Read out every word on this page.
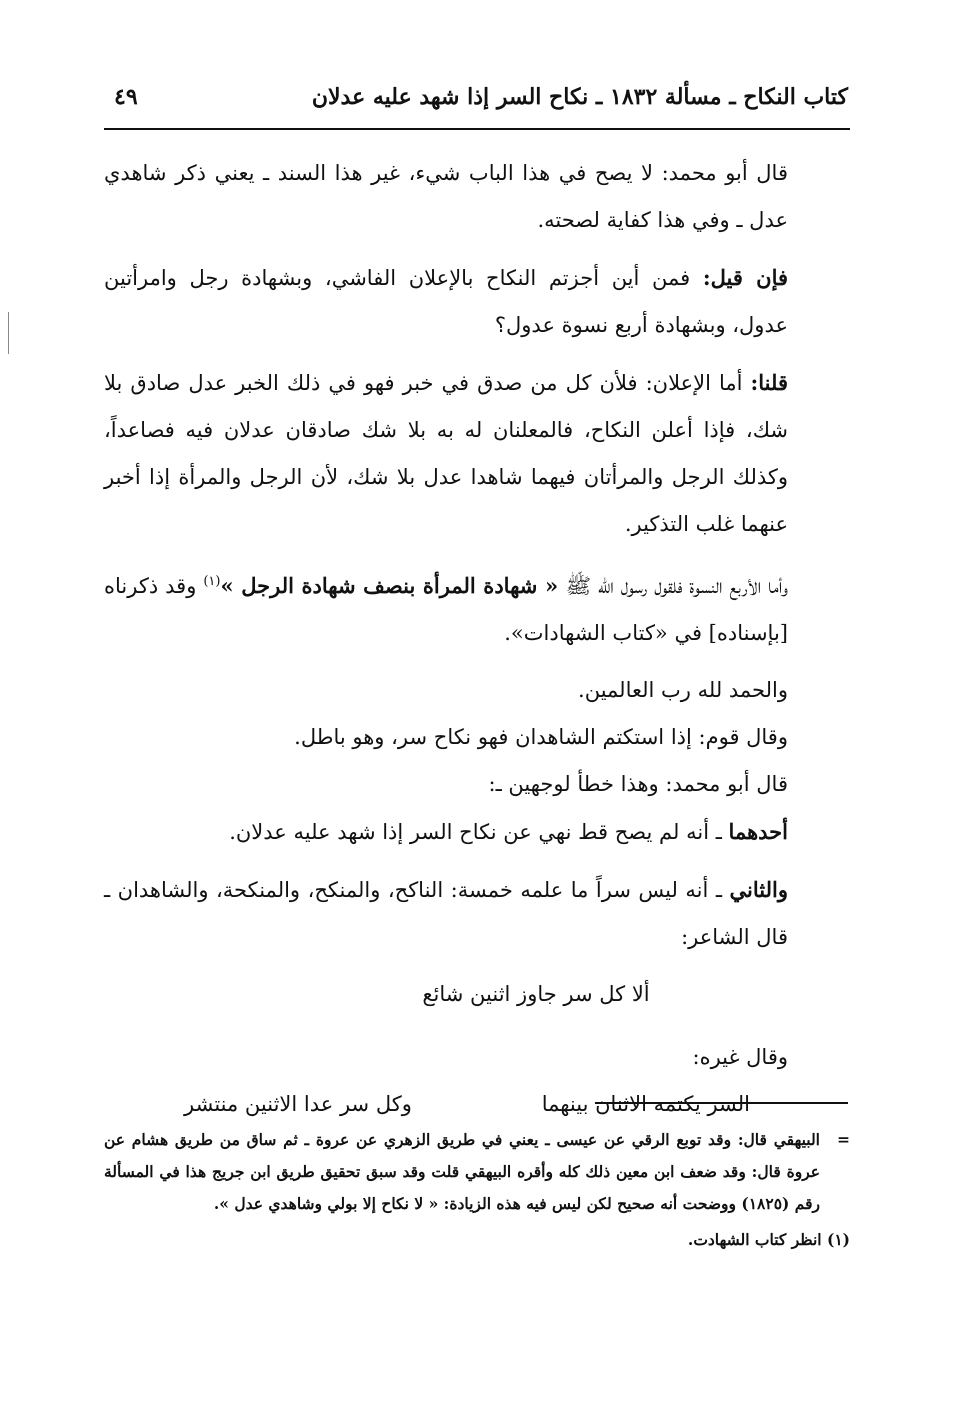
كتاب النكاح ـ مسألة ١٨٣٢ ـ نكاح السر إذا شهد عليه عدلان
٤٩

قال أبو محمد: لا يصح في هذا الباب شيء، غير هذا السند ـ يعني ذكر شاهدي عدل ـ وفي هذا كفاية لصحته.

فإن قيل: فمن أين أجزتم النكاح بالإعلان الفاشي، وبشهادة رجل وامرأتين عدول، وبشهادة أربع نسوة عدول؟

قلنا: أما الإعلان: فلأن كل من صدق في خبر فهو في ذلك الخبر عدل صادق بلا شك، فإذا أعلن النكاح، فالمعلنان له به بلا شك صادقان عدلان فيه فصاعداً، وكذلك الرجل والمرأتان فيهما شاهدا عدل بلا شك، لأن الرجل والمرأة إذا أخبر عنهما غلب التذكير.

وأما الأربع النسوة فلقول رسول الله ﷺ « شهادة المرأة بنصف شهادة الرجل »$^{(١)}$ وقد ذكرناه [بإسناده] في «كتاب الشهادات».

والحمد لله رب العالمين.

وقال قوم: إذا استكتم الشاهدان فهو نكاح سر، وهو باطل.

قال أبو محمد: وهذا خطأ لوجهين ـ:

أحدهما ـ أنه لم يصح قط نهي عن نكاح السر إذا شهد عليه عدلان.

والثاني ـ أنه ليس سراً ما علمه خمسة: الناكح، والمنكح، والمنكحة، والشاهدان ـ قال الشاعر:

ألا كل سر جاوز اثنين شائع

وقال غيره:

السر يكتمه الاثنان بينهما
وكل سر عدا الاثنين منتشر

=
البيهقي قال: وقد توبع الرقي عن عيسى ـ يعني في طريق الزهري عن عروة ـ ثم ساق من طريق هشام عن عروة قال: وقد ضعف ابن معين ذلك كله وأقره البيهقي قلت وقد سبق تحقيق طريق ابن جريج هذا في المسألة رقم (١٨٢٥) ووضحت أنه صحيح لكن ليس فيه هذه الزيادة: « لا نكاح إلا بولي وشاهدي عدل ».

(١) انظر كتاب الشهادت.
